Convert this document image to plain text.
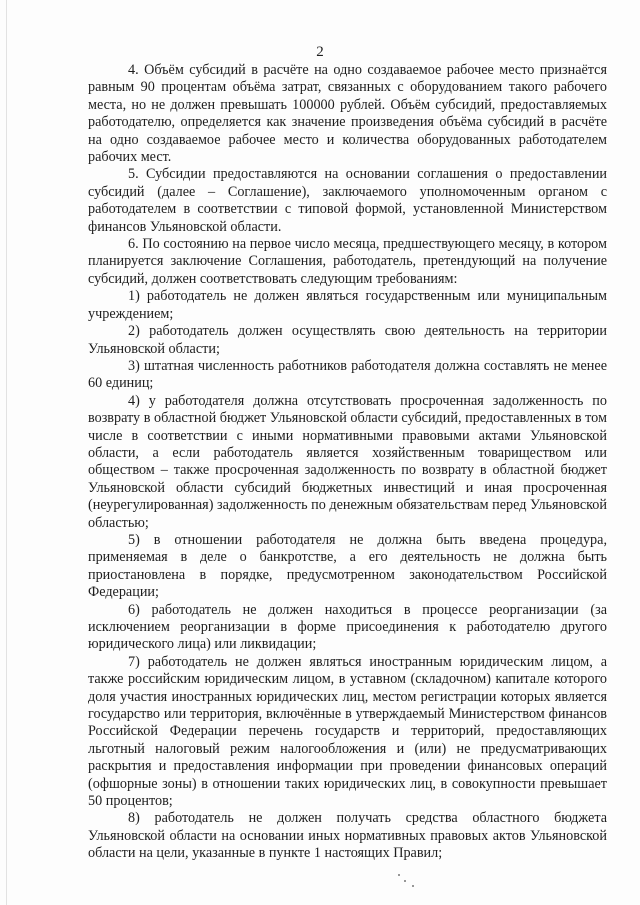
2

4. Объём субсидий в расчёте на одно создаваемое рабочее место признаётся равным 90 процентам объёма затрат, связанных с оборудованием такого рабочего места, но не должен превышать 100000 рублей. Объём субсидий, предоставляемых работодателю, определяется как значение произведения объёма субсидий в расчёте на одно создаваемое рабочее место и количества оборудованных работодателем рабочих мест.

5. Субсидии предоставляются на основании соглашения о предоставлении субсидий (далее – Соглашение), заключаемого уполномоченным органом с работодателем в соответствии с типовой формой, установленной Министерством финансов Ульяновской области.

6. По состоянию на первое число месяца, предшествующего месяцу, в котором планируется заключение Соглашения, работодатель, претендующий на получение субсидий, должен соответствовать следующим требованиям:

1) работодатель не должен являться государственным или муниципальным учреждением;

2) работодатель должен осуществлять свою деятельность на территории Ульяновской области;

3) штатная численность работников работодателя должна составлять не менее 60 единиц;

4) у работодателя должна отсутствовать просроченная задолженность по возврату в областной бюджет Ульяновской области субсидий, предоставленных в том числе в соответствии с иными нормативными правовыми актами Ульяновской области, а если работодатель является хозяйственным товариществом или обществом – также просроченная задолженность по возврату в областной бюджет Ульяновской области субсидий бюджетных инвестиций и иная просроченная (неурегулированная) задолженность по денежным обязательствам перед Ульяновской областью;

5) в отношении работодателя не должна быть введена процедура, применяемая в деле о банкротстве, а его деятельность не должна быть приостановлена в порядке, предусмотренном законодательством Российской Федерации;

6) работодатель не должен находиться в процессе реорганизации (за исключением реорганизации в форме присоединения к работодателю другого юридического лица) или ликвидации;

7) работодатель не должен являться иностранным юридическим лицом, а также российским юридическим лицом, в уставном (складочном) капитале которого доля участия иностранных юридических лиц, местом регистрации которых является государство или территория, включённые в утверждаемый Министерством финансов Российской Федерации перечень государств и территорий, предоставляющих льготный налоговый режим налогообложения и (или) не предусматривающих раскрытия и предоставления информации при проведении финансовых операций (офшорные зоны) в отношении таких юридических лиц, в совокупности превышает 50 процентов;

8) работодатель не должен получать средства областного бюджета Ульяновской области на основании иных нормативных правовых актов Ульяновской области на цели, указанные в пункте 1 настоящих Правил;
